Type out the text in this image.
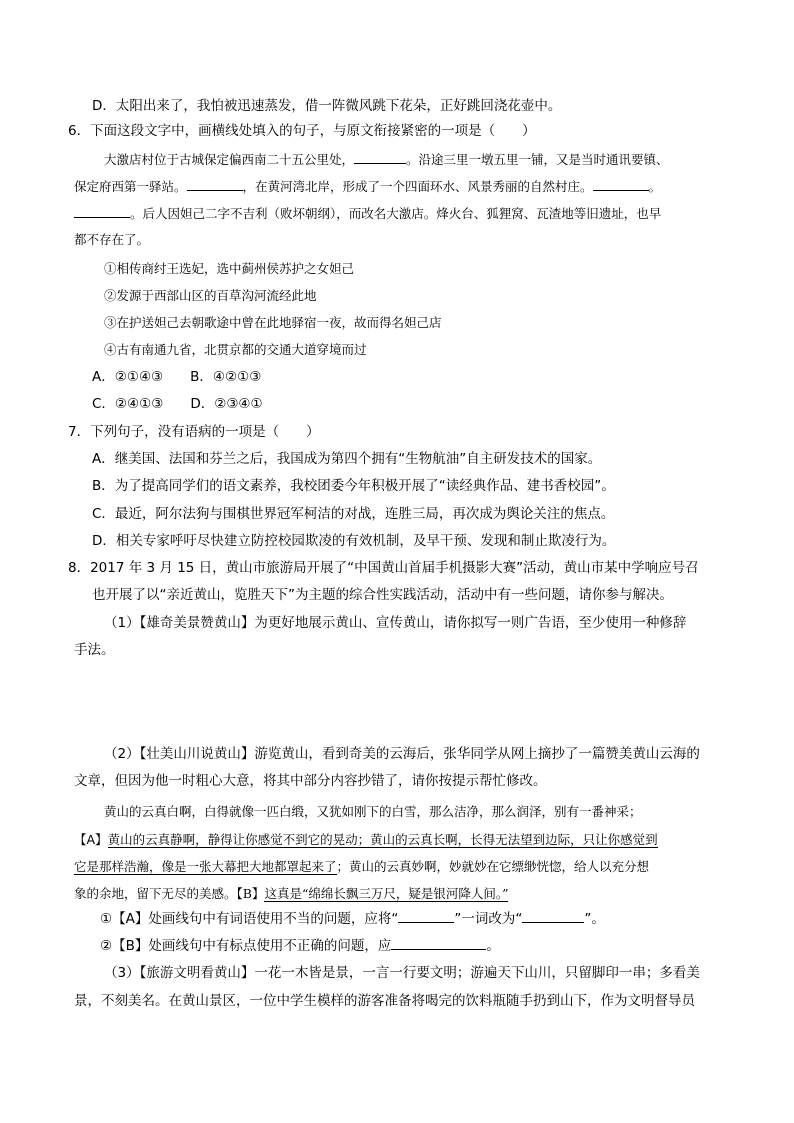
D．太阳出来了，我怕被迅速蒸发，借一阵微风跳下花朵，正好跳回浇花壶中。
6．下面这段文字中，画横线处填入的句子，与原文衔接紧密的一项是（　　）
大激店村位于古城保定偏西南二十五公里处，	。沿途三里一墩五里一铺，又是当时通讯要镇、
保定府西第一驿站。	，在黄河湾北岸，形成了一个四面环水、风景秀丽的自然村庄。	。
。后人因妲己二字不吉利（败坏朝纲），而改名大激店。烽火台、狐狸窝、瓦渣地等旧遗址，也早
都不存在了。
①相传商纣王选妃，选中蓟州侯苏护之女妲己
②发源于西部山区的百草沟河流经此地
③在护送妲己去朝歌途中曾在此地驿宿一夜，故而得名妲己店
④古有南通九省，北贯京都的交通大道穿境而过
A．②①④③　　B．④②①③
C．②④①③　　D．②③④①
7．下列句子，没有语病的一项是（　　）
A．继美国、法国和芬兰之后，我国成为第四个拥有“生物航油”自主研发技术的国家。
B．为了提高同学们的语文素养，我校团委今年积极开展了“读经典作品、建书香校园”。
C．最近，阿尔法狗与围棋世界冠军柯洁的对战，连胜三局，再次成为舆论关注的焦点。
D．相关专家呼吁尽快建立防控校园欺凌的有效机制，及早干预、发现和制止欺凌行为。
8．2017 年 3 月 15 日，黄山市旅游局开展了“中国黄山首届手机摄影大赛”活动，黄山市某中学响应号召
也开展了以“亲近黄山，览胜天下”为主题的综合性实践活动，活动中有一些问题，请你参与解决。
（1）【雄奇美景赞黄山】为更好地展示黄山、宣传黄山，请你拟写一则广告语，至少使用一种修辞
手法。
（2）【壮美山川说黄山】游览黄山，看到奇美的云海后，张华同学从网上摘抄了一篇赞美黄山云海的
文章，但因为他一时粗心大意，将其中部分内容抄错了，请你按提示帮忙修改。
黄山的云真白啊，白得就像一匹白缎，又犹如刚下的白雪，那么洁净，那么润泽，别有一番神采；
【A】黄山的云真静啊，静得让你感觉不到它的晃动；黄山的云真长啊，长得无法望到边际，只让你感觉到
它是那样浩瀚，像是一张大幕把大地都罩起来了；黄山的云真妙啊，妙就妙在它缥缈恍惚，给人以充分想
象的余地，留下无尽的美感。【B】这真是“绵绵长飘三万尺，疑是银河降人间。”
①【A】处画线句中有词语使用不当的问题，应将“	”一词改为“	”。
②【B】处画线句中有标点使用不正确的问题，应	。
（3）【旅游文明看黄山】一花一木皆是景，一言一行要文明；游遍天下山川，只留脚印一串；多看美
景，不刻美名。在黄山景区，一位中学生模样的游客准备将喝完的饮料瓶随手扔到山下，作为文明督导员
